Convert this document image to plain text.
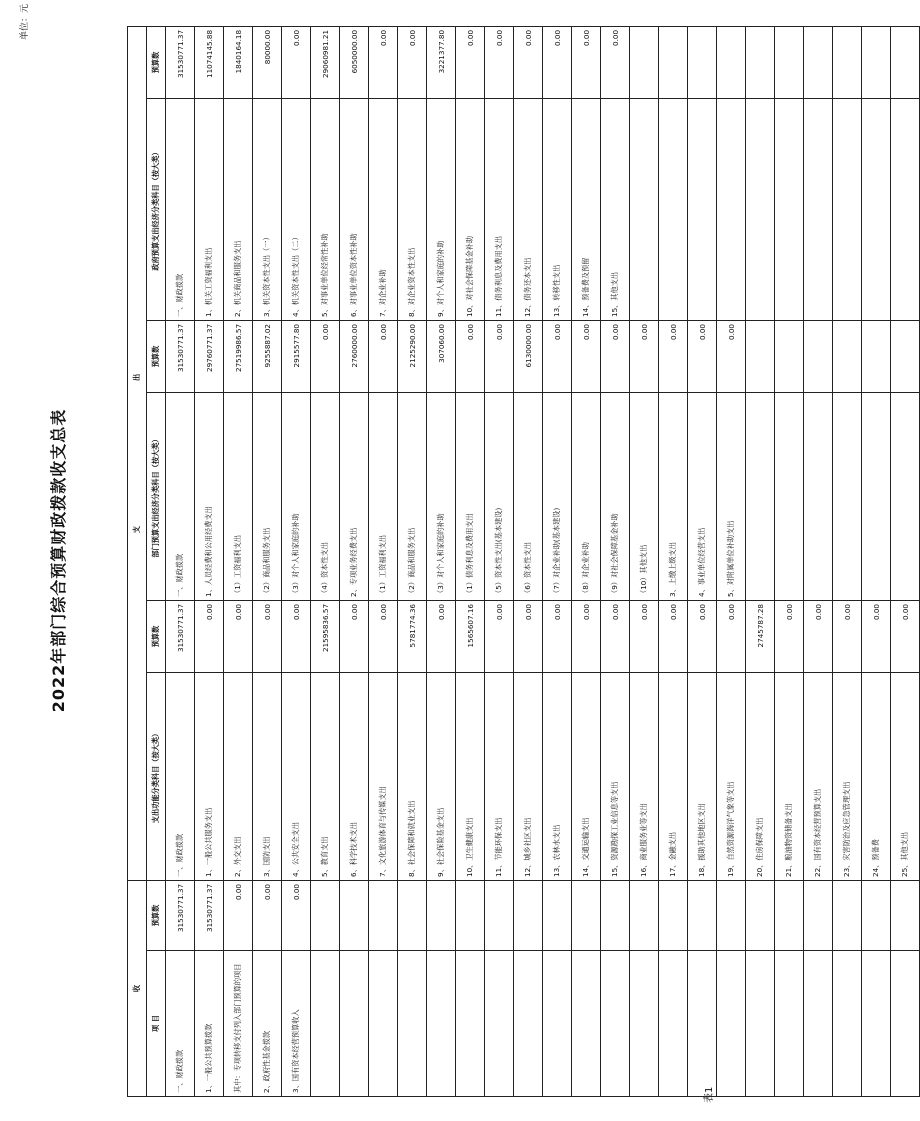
表1
单位：元
2022年部门综合预算财政拨款收支总表
收		支  出					
项 目	预算数	支出功能分类科目（按大类）	预算数	部门预算支出经济分类科目（按大类）	预算数	政府预算支出经济分类科目（按大类）	预算数
一、财政拨款	31530771.37	一、财政拨款	31530771.37	一、财政拨款	31530771.37	一、财政拨款	31530771.37
1、一般公共预算拨款	31530771.37	1、一般公共服务支出	0.00	1、人员经费和公用经费支出	29760771.37	1、机关工资福利支出	11074145.88
其中：专项转移支付列入部门预算的项目	0.00	2、外交支出	0.00	（1）工资福利支出	27519986.57	2、机关商品和服务支出	1840164.18
2、政府性基金拨款	0.00	3、国防支出	0.00	（2）商品和服务支出	9255887.02	3、机关资本性支出（一）	80000.00
3、国有资本经营预算收入	0.00	4、公共安全支出	0.00	（3）对个人和家庭的补助	2915577.80	4、机关资本性支出（二）	0.00
		5、教育支出	21595836.57	（4）资本性支出	0.00	5、对事业单位经常性补助	29060981.21
		6、科学技术支出	0.00	2、专项业务经费支出	2760000.00	6、对事业单位资本性补助	6050000.00
		7、文化旅游体育与传媒支出	0.00	（1）工资福利支出	0.00	7、对企业补助	0.00
		8、社会保障和就业支出	5781774.36	（2）商品和服务支出	2125290.00	8、对企业资本性支出	0.00
		9、社会保险基金支出	0.00	（3）对个人和家庭的补助	307060.00	9、对个人和家庭的补助	3221377.80
		10、卫生健康支出	1565607.16	（1）债务利息及费用支出	0.00	10、对社会保障基金补助	0.00
		11、节能环保支出	0.00	（5）资本性支出(基本建设)	0.00	11、债务利息及费用支出	0.00
		12、城乡社区支出	0.00	（6）资本性支出	6130000.00	12、债务还本支出	0.00
		13、农林水支出	0.00	（7）对企业补助(基本建设)	0.00	13、转移性支出	0.00
		14、交通运输支出	0.00	（8）对企业补助	0.00	14、预备费及预留	0.00
		15、资源勘探工业信息等支出	0.00	（9）对社会保障基金补助	0.00	15、其他支出	0.00
		16、商业服务业等支出	0.00	（10）其他支出	0.00		
		17、金融支出	0.00	3、上缴上级支出	0.00		
		18、援助其他地区支出	0.00	4、事业单位经营支出	0.00		
		19、自然资源海洋气象等支出	0.00	5、对附属单位补助支出	0.00		
		20、住房保障支出	2745787.28				
		21、粮油物资储备支出	0.00				
		22、国有资本经营预算支出	0.00				
		23、灾害防治及应急管理支出	0.00				
		24、预备费	0.00				
		25、其他支出	0.00				
